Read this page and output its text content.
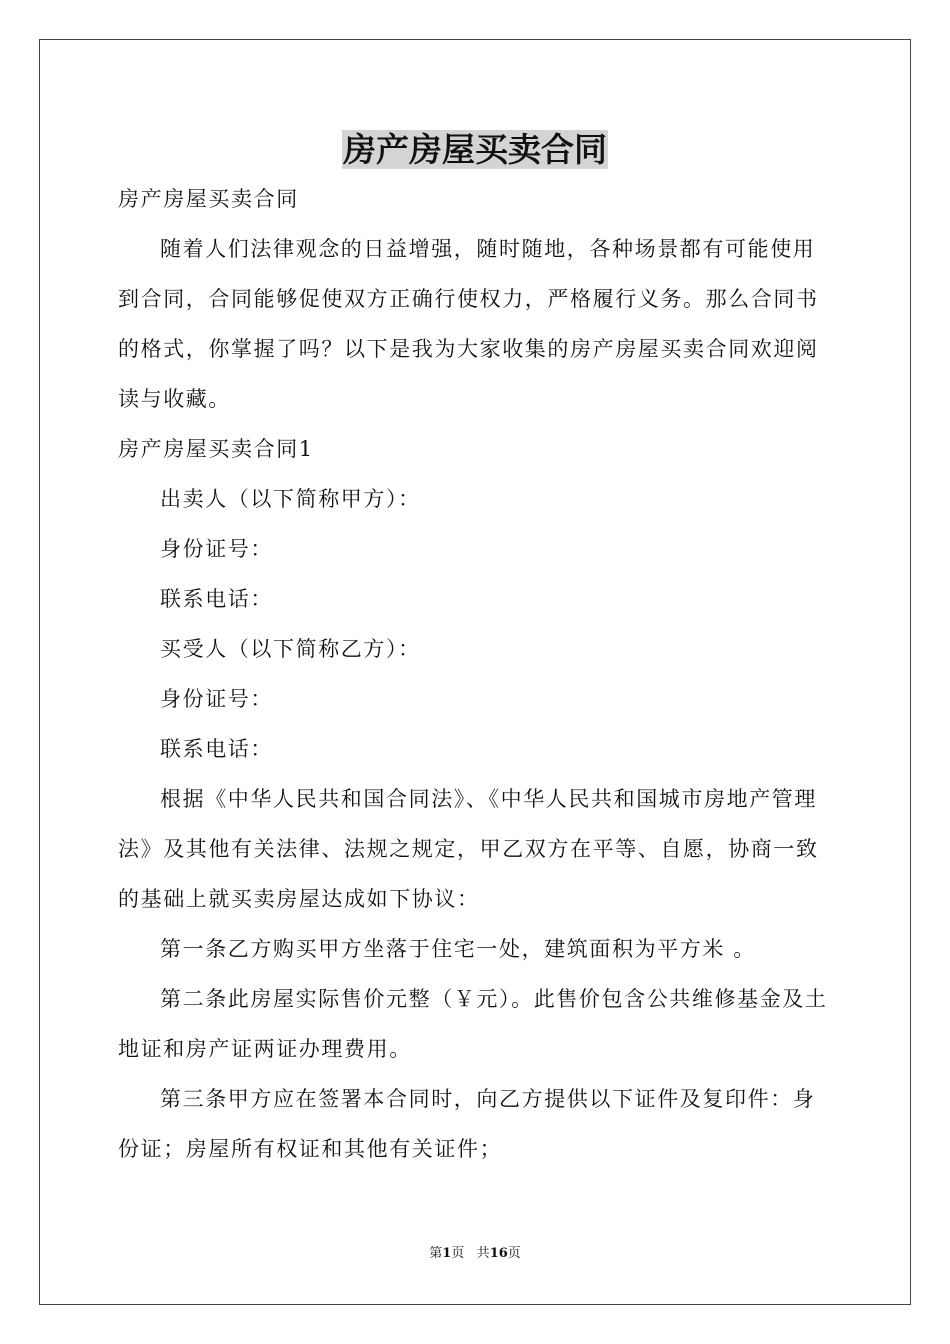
房产房屋买卖合同

房产房屋买卖合同

随着人们法律观念的日益增强，随时随地，各种场景都有可能使用到合同，合同能够促使双方正确行使权力，严格履行义务。那么合同书的格式，你掌握了吗？以下是我为大家收集的房产房屋买卖合同欢迎阅读与收藏。

房产房屋买卖合同1

出卖人（以下简称甲方）：

身份证号：

联系电话：

买受人（以下简称乙方）：

身份证号：

联系电话：

根据《中华人民共和国合同法》、《中华人民共和国城市房地产管理法》及其他有关法律、法规之规定，甲乙双方在平等、自愿，协商一致的基础上就买卖房屋达成如下协议：

第一条乙方购买甲方坐落于住宅一处，建筑面积为平方米 。

第二条此房屋实际售价元整（￥元）。此售价包含公共维修基金及土地证和房产证两证办理费用。

第三条甲方应在签署本合同时，向乙方提供以下证件及复印件：身份证；房屋所有权证和其他有关证件；

第1页 共16页
